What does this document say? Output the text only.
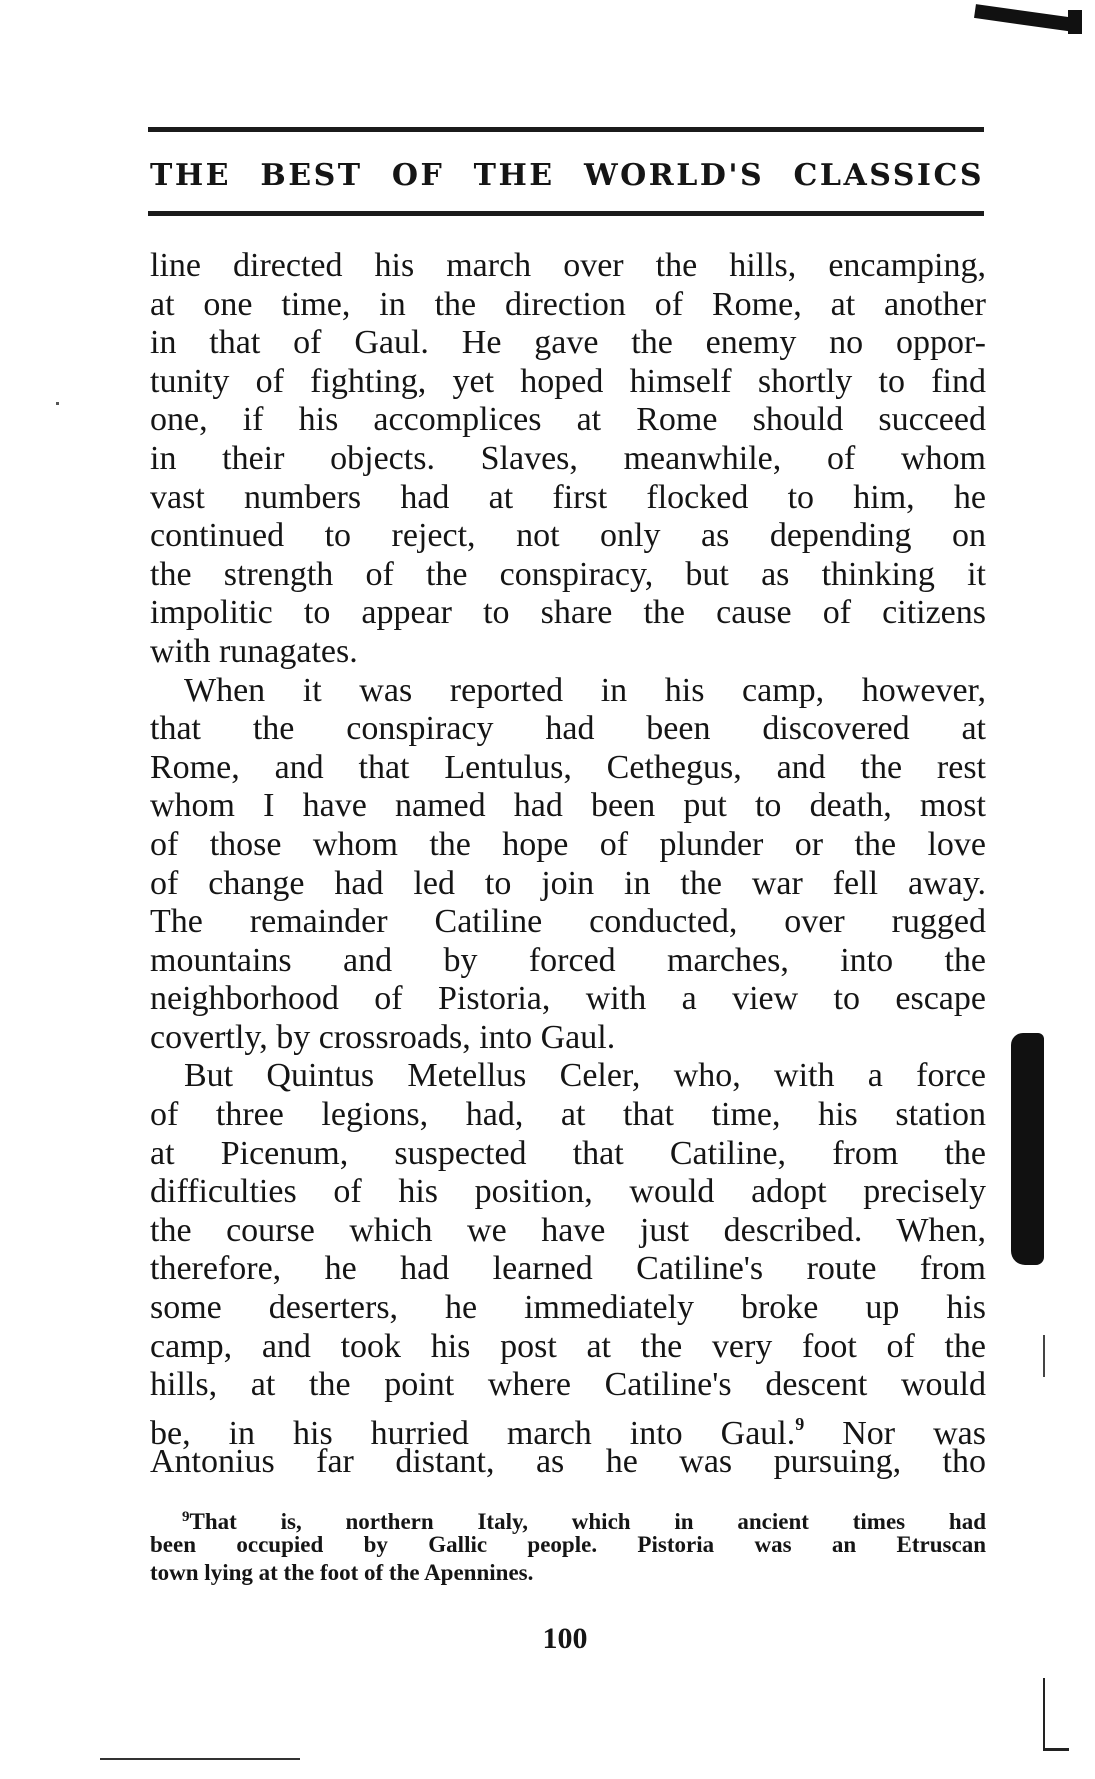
THE BEST OF THE WORLD'S CLASSICS
line directed his march over the hills, encamping,
at one time, in the direction of Rome, at another
in that of Gaul. He gave the enemy no oppor-
tunity of fighting, yet hoped himself shortly to find
one, if his accomplices at Rome should succeed
in their objects. Slaves, meanwhile, of whom
vast numbers had at first flocked to him, he
continued to reject, not only as depending on
the strength of the conspiracy, but as thinking it
impolitic to appear to share the cause of citizens
with runagates.
When it was reported in his camp, however,
that the conspiracy had been discovered at
Rome, and that Lentulus, Cethegus, and the rest
whom I have named had been put to death, most
of those whom the hope of plunder or the love
of change had led to join in the war fell away.
The remainder Catiline conducted, over rugged
mountains and by forced marches, into the
neighborhood of Pistoria, with a view to escape
covertly, by crossroads, into Gaul.
But Quintus Metellus Celer, who, with a force
of three legions, had, at that time, his station
at Picenum, suspected that Catiline, from the
difficulties of his position, would adopt precisely
the course which we have just described. When,
therefore, he had learned Catiline's route from
some deserters, he immediately broke up his
camp, and took his post at the very foot of the
hills, at the point where Catiline's descent would
be, in his hurried march into Gaul.$^9$ Nor was
Antonius far distant, as he was pursuing, tho
$^9$That is, northern Italy, which in ancient times had
been occupied by Gallic people. Pistoria was an Etruscan
town lying at the foot of the Apennines.
100
